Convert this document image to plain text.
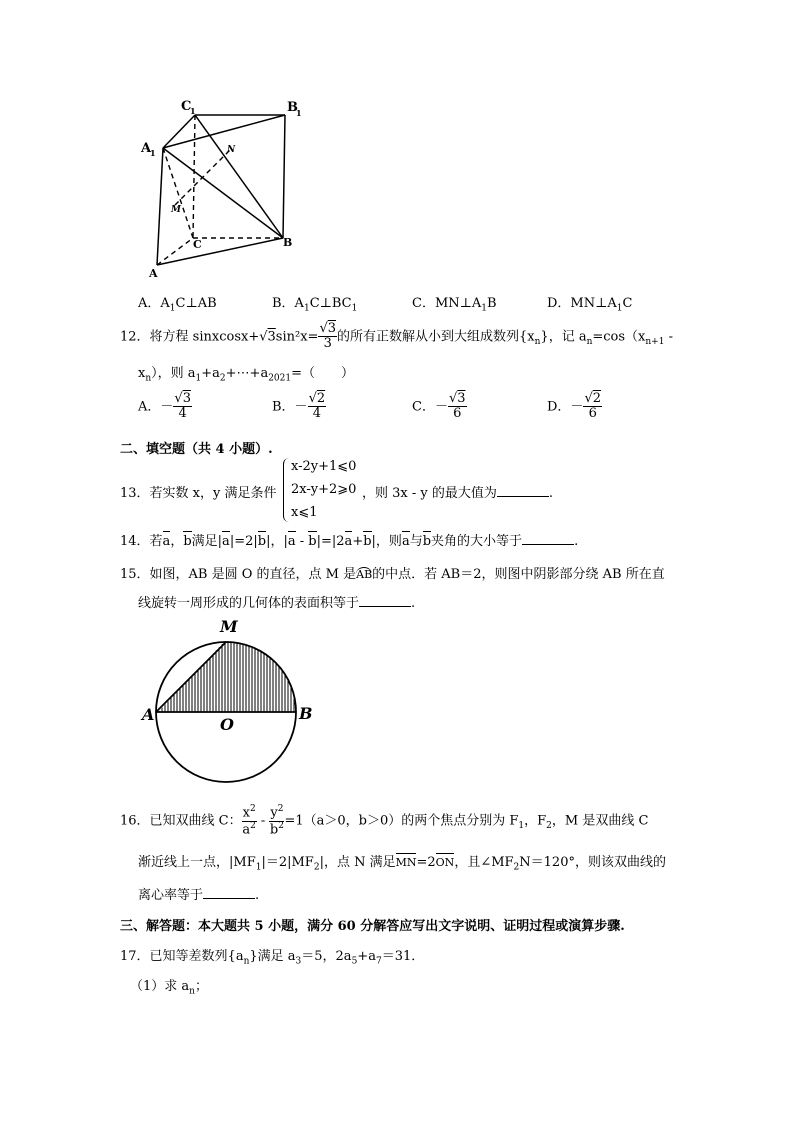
C
1	B
1
A
1	N
M
C	B
A
A．$A_1C\perp AB$	B．$A_1C\perp BC_1$	C．$MN\perp A_1B$	D．$MN\perp A_1C$
12．将方程 sinxcosx+√3sin²x= $\frac{√3}{3}$ 的所有正数解从小到大组成数列$\{x_n\}$，记 $a_n=\cos(x_{n+1}$ -
$x_n$），则 $a_1+a_2+\cdots+a_{2021}=$（　　）
A．－ $\frac{√3}{4}$	B．－ $\frac{√2}{4}$	C．－ $\frac{√3}{6}$	D．－ $\frac{√2}{6}$
二、填空题（共 4 小题）.
13．若实数 x，y 满足条件
x-2y+1⩽0
2x-y+2⩾0
x⩽1
，则 3x - y 的最大值为	.
14．若a，b满足|a|=2|b|，|a - b|=|2a+b|，则a与b夹角的大小等于	.
15．如图，AB 是圆 O 的直径，点 M 是AB的中点．若 AB＝2，则图中阴影部分绕 AB 所在直
线旋转一周形成的几何体的表面积等于	.
M
A
O
B
16．已知双曲线 C： $\frac{x^2}{a^2} - \frac{y^2}{b^2} =1(a>0$，b＞0）的两个焦点分别为 $F_1$，$F_2$，M 是双曲线 C
渐近线上一点，$|MF_1|=2|MF_2|$，点 N 满足MN=2ON，且$\angle MF_2N=120^\circ$，则该双曲线的
离心率等于	.
三、解答题：本大题共 5 小题，满分 60 分解答应写出文字说明、证明过程或演算步骤.
17．已知等差数列$\{a_n\}$满足 $a_3=5$，$2a_5+a_7=31$．
（1）求 $a_n$；
